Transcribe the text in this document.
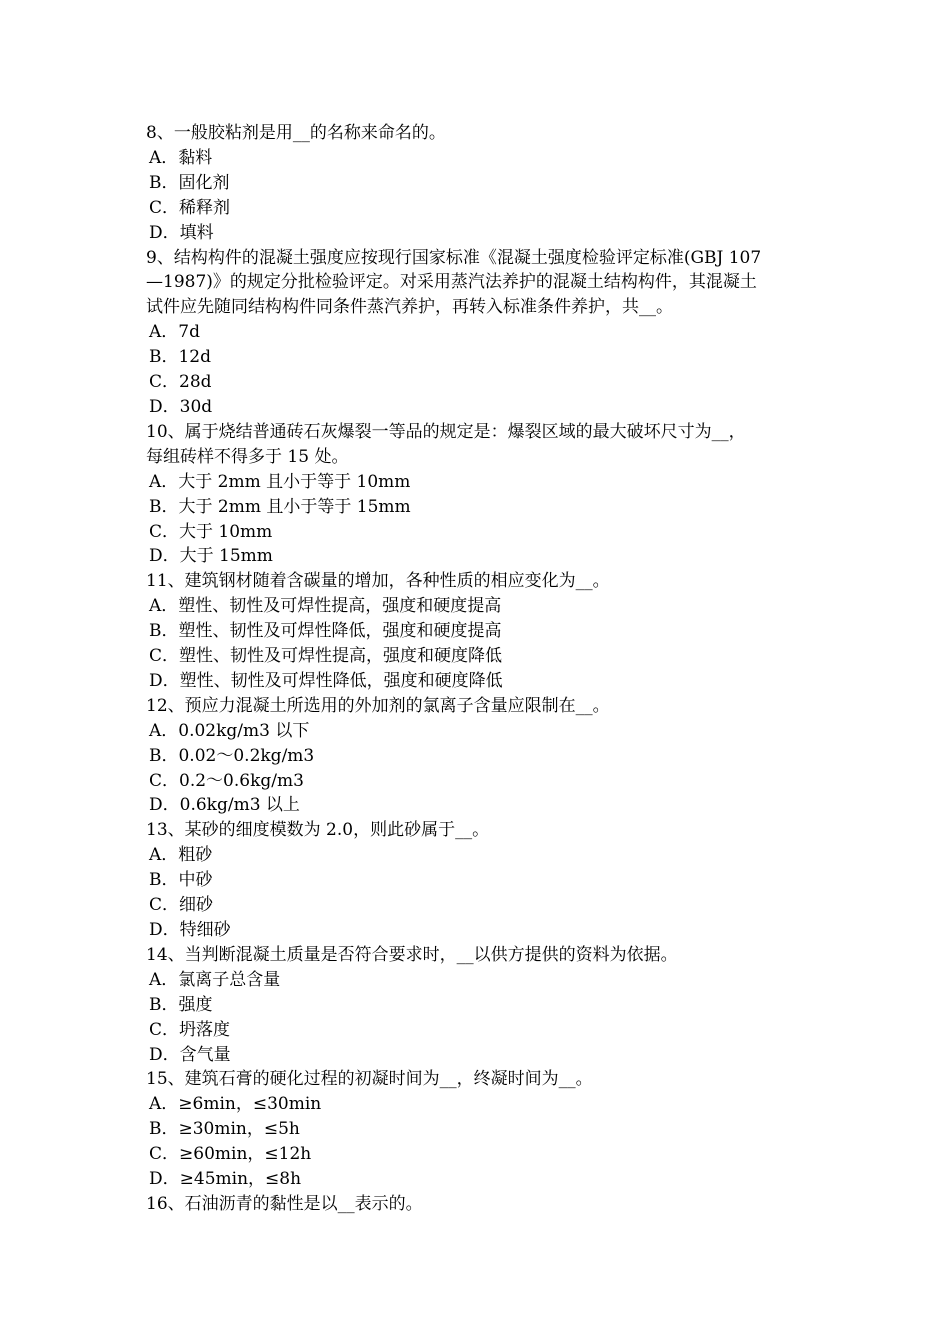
8、一般胶粘剂是用__的名称来命名的。

A．黏料

B．固化剂

C．稀释剂

D．填料

9、结构构件的混凝土强度应按现行国家标准《混凝土强度检验评定标准(GBJ 107

—1987)》的规定分批检验评定。对采用蒸汽法养护的混凝土结构构件，其混凝土

试件应先随同结构构件同条件蒸汽养护，再转入标准条件养护，共__。

A．7d

B．12d

C．28d

D．30d

10、属于烧结普通砖石灰爆裂一等品的规定是：爆裂区域的最大破坏尺寸为__，

每组砖样不得多于 15 处。

A．大于 2mm 且小于等于 10mm

B．大于 2mm 且小于等于 15mm

C．大于 10mm

D．大于 15mm

11、建筑钢材随着含碳量的增加，各种性质的相应变化为__。

A．塑性、韧性及可焊性提高，强度和硬度提高

B．塑性、韧性及可焊性降低，强度和硬度提高

C．塑性、韧性及可焊性提高，强度和硬度降低

D．塑性、韧性及可焊性降低，强度和硬度降低

12、预应力混凝土所选用的外加剂的氯离子含量应限制在__。

A．0.02kg/m3 以下

B．0.02～0.2kg/m3

C．0.2～0.6kg/m3

D．0.6kg/m3 以上

13、某砂的细度模数为 2.0，则此砂属于__。

A．粗砂

B．中砂

C．细砂

D．特细砂

14、当判断混凝土质量是否符合要求时，__以供方提供的资料为依据。

A．氯离子总含量

B．强度

C．坍落度

D．含气量

15、建筑石膏的硬化过程的初凝时间为__，终凝时间为__。

A．≥6min，≤30min

B．≥30min，≤5h

C．≥60min，≤12h

D．≥45min，≤8h

16、石油沥青的黏性是以__表示的。
